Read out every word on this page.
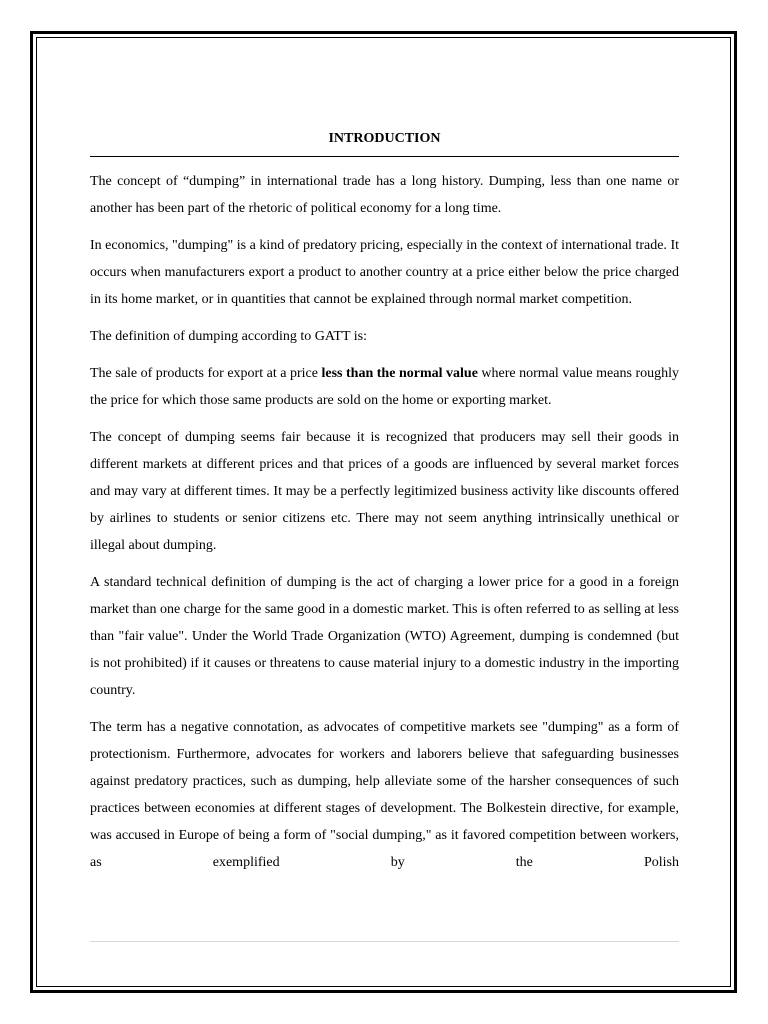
INTRODUCTION

The concept of “dumping” in international trade has a long history. Dumping, less than one name or another has been part of the rhetoric of political economy for a long time.

In economics, "dumping" is a kind of predatory pricing, especially in the context of international trade. It occurs when manufacturers export a product to another country at a price either below the price charged in its home market, or in quantities that cannot be explained through normal market competition.

The definition of dumping according to GATT is:

The sale of products for export at a price less than the normal value where normal value means roughly the price for which those same products are sold on the home or exporting market.

The concept of dumping seems fair because it is recognized that producers may sell their goods in different markets at different prices and that prices of a goods are influenced by several market forces and may vary at different times. It may be a perfectly legitimized business activity like discounts offered by airlines to students or senior citizens etc. There may not seem anything intrinsically unethical or illegal about dumping.

A standard technical definition of dumping is the act of charging a lower price for a good in a foreign market than one charge for the same good in a domestic market. This is often referred to as selling at less than "fair value". Under the World Trade Organization (WTO) Agreement, dumping is condemned (but is not prohibited) if it causes or threatens to cause material injury to a domestic industry in the importing country.

The term has a negative connotation, as advocates of competitive markets see "dumping" as a form of protectionism. Furthermore, advocates for workers and laborers believe that safeguarding businesses against predatory practices, such as dumping, help alleviate some of the harsher consequences of such practices between economies at different stages of development. The Bolkestein directive, for example, was accused in Europe of being a form of "social dumping," as it favored competition between workers, as exemplified by the Polish
